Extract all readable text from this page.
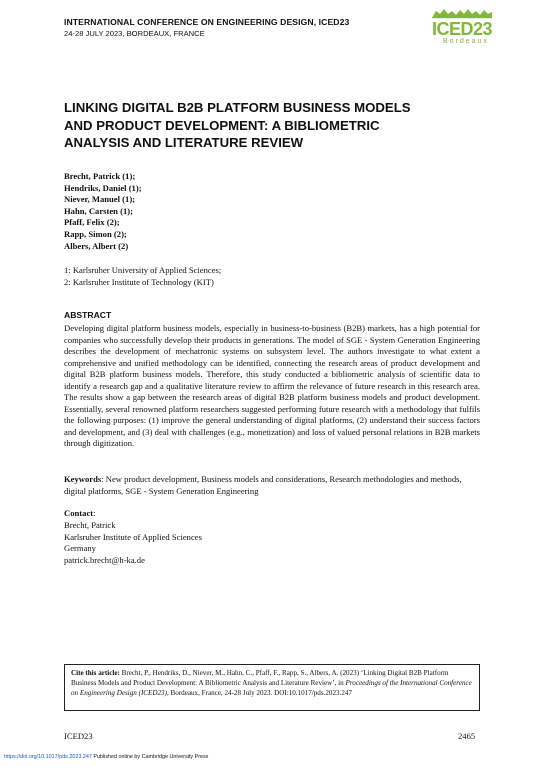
INTERNATIONAL CONFERENCE ON ENGINEERING DESIGN, ICED23
24-28 JULY 2023, BORDEAUX, FRANCE	ICED23
Bordeaux
LINKING DIGITAL B2B PLATFORM BUSINESS MODELS
AND PRODUCT DEVELOPMENT: A BIBLIOMETRIC
ANALYSIS AND LITERATURE REVIEW
Brecht, Patrick (1);
Hendriks, Daniel (1);
Niever, Manuel (1);
Hahn, Carsten (1);
Pfaff, Felix (2);
Rapp, Simon (2);
Albers, Albert (2)
1: Karlsruher University of Applied Sciences;
2: Karlsruher Institute of Technology (KIT)
ABSTRACT
Developing digital platform business models, especially in business-to-business (B2B) markets, has a high potential for companies who successfully develop their products in generations. The model of SGE - System Generation Engineering describes the development of mechatronic systems on subsystem level. The authors investigate to what extent a comprehensive and unified methodology can be identified, connecting the research areas of product development and digital B2B platform business models. Therefore, this study conducted a bibliometric analysis of scientific data to identify a research gap and a qualitative literature review to affirm the relevance of future research in this research area. The results show a gap between the research areas of digital B2B platform business models and product development. Essentially, several renowned platform researchers suggested performing future research with a methodology that fulfils the following purposes: (1) improve the general understanding of digital platforms, (2) understand their success factors and development, and (3) deal with challenges (e.g., monetization) and loss of valued personal relations in B2B markets through digitization.
Keywords: New product development, Business models and considerations, Research methodologies and methods, digital platforms, SGE - System Generation Engineering
Contact:
Brecht, Patrick
Karlsruher Institute of Applied Sciences
Germany
patrick.brecht@h-ka.de
Cite this article: Brecht, P., Hendriks, D., Niever, M., Hahn, C., Pfaff, F., Rapp, S., Albers, A. (2023) ‘Linking Digital B2B Platform Business Models and Product Development: A Bibliometric Analysis and Literature Review’, in Proceedings of the International Conference on Engineering Design (ICED23), Bordeaux, France, 24-28 July 2023. DOI:10.1017/pds.2023.247
ICED23	2465
https://doi.org/10.1017/pds.2023.247 Published online by Cambridge University Press
